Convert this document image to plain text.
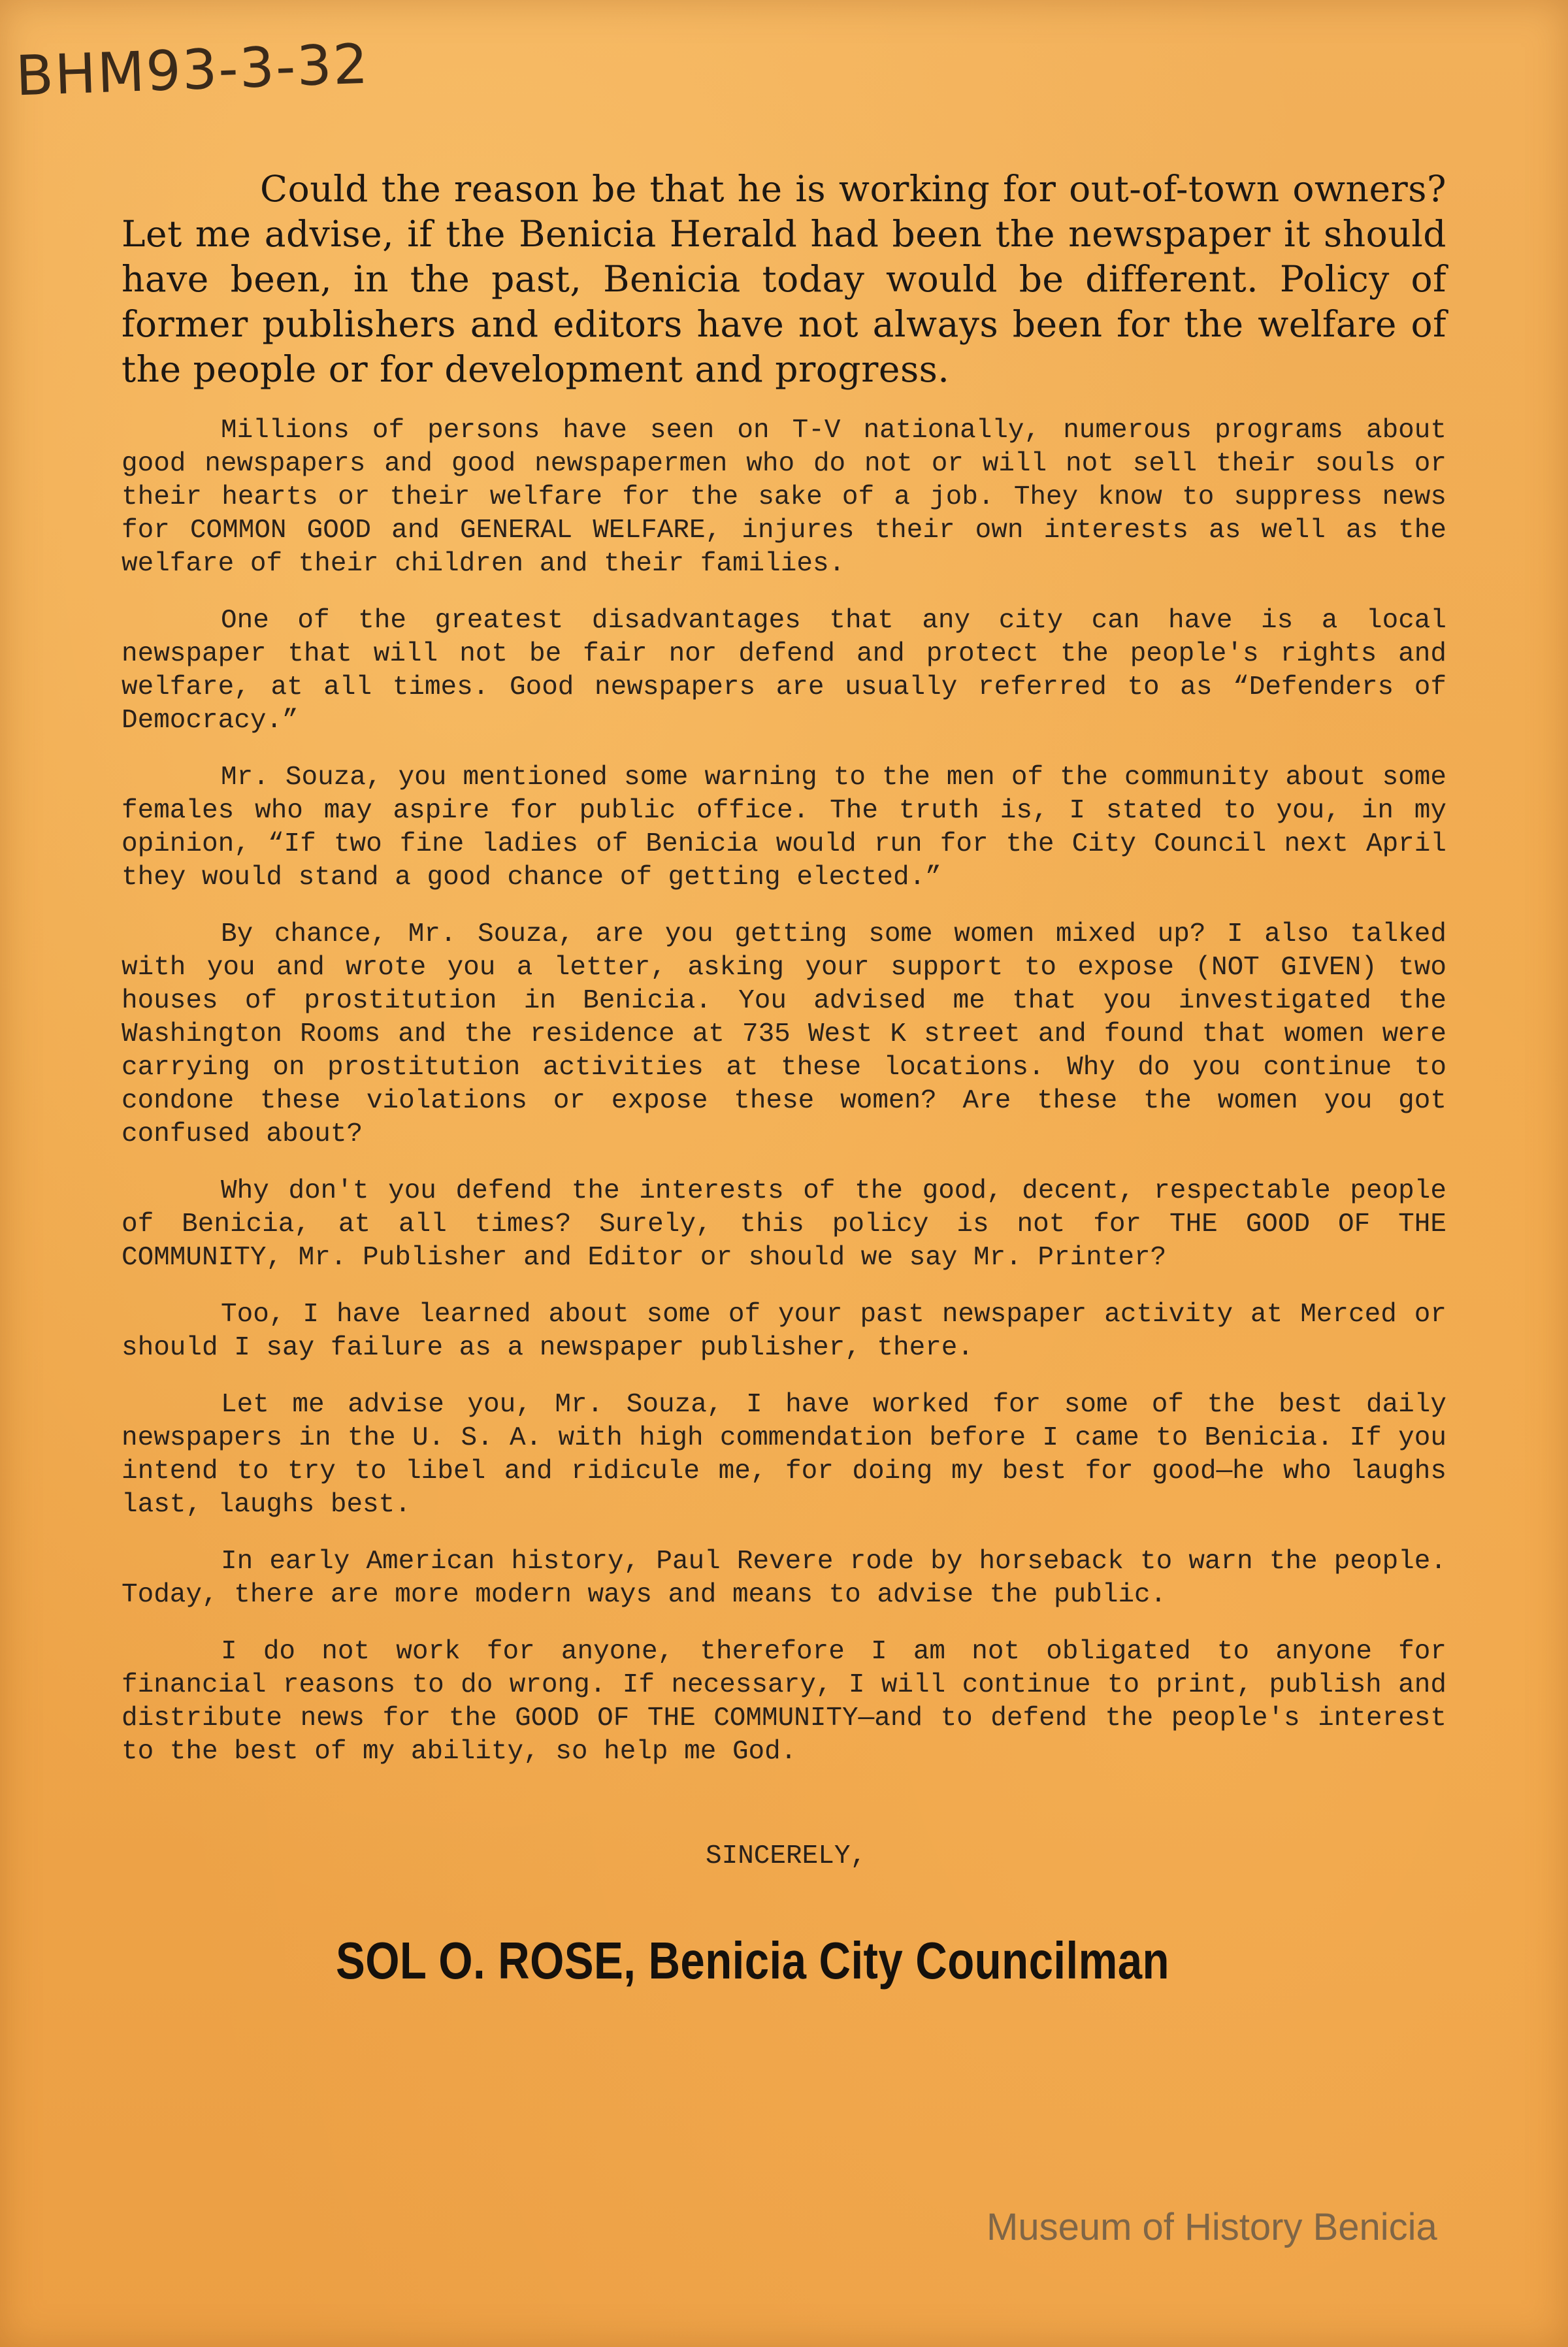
BHM93-3-32

Could the reason be that he is working for out-of-town owners? Let me advise, if the Benicia Herald had been the newspaper it should have been, in the past, Benicia today would be different. Policy of former publishers and editors have not always been for the welfare of the people or for development and progress.

Millions of persons have seen on T-V nationally, numerous programs about good newspapers and good newspapermen who do not or will not sell their souls or their hearts or their welfare for the sake of a job. They know to suppress news for COMMON GOOD and GENERAL WELFARE, injures their own interests as well as the welfare of their children and their families.

One of the greatest disadvantages that any city can have is a local newspaper that will not be fair nor defend and protect the people's rights and welfare, at all times. Good newspapers are usually referred to as “Defenders of Democracy.”

Mr. Souza, you mentioned some warning to the men of the community about some females who may aspire for public office. The truth is, I stated to you, in my opinion, “If two fine ladies of Benicia would run for the City Council next April they would stand a good chance of getting elected.”

By chance, Mr. Souza, are you getting some women mixed up? I also talked with you and wrote you a letter, asking your support to expose (NOT GIVEN) two houses of prostitution in Benicia. You advised me that you investigated the Washington Rooms and the residence at 735 West K street and found that women were carrying on prostitution activities at these locations. Why do you continue to condone these violations or expose these women? Are these the women you got confused about?

Why don't you defend the interests of the good, decent, respectable people of Benicia, at all times? Surely, this policy is not for THE GOOD OF THE COMMUNITY, Mr. Publisher and Editor or should we say Mr. Printer?

Too, I have learned about some of your past newspaper activity at Merced or should I say failure as a newspaper publisher, there.

Let me advise you, Mr. Souza, I have worked for some of the best daily newspapers in the U. S. A. with high commendation before I came to Benicia. If you intend to try to libel and ridicule me, for doing my best for good—he who laughs last, laughs best.

In early American history, Paul Revere rode by horseback to warn the people. Today, there are more modern ways and means to advise the public.

I do not work for anyone, therefore I am not obligated to anyone for financial reasons to do wrong. If necessary, I will continue to print, publish and distribute news for the GOOD OF THE COMMUNITY—and to defend the people's interest to the best of my ability, so help me God.

SINCERELY,
SOL O. ROSE, Benicia City Councilman
Museum of History Benicia
